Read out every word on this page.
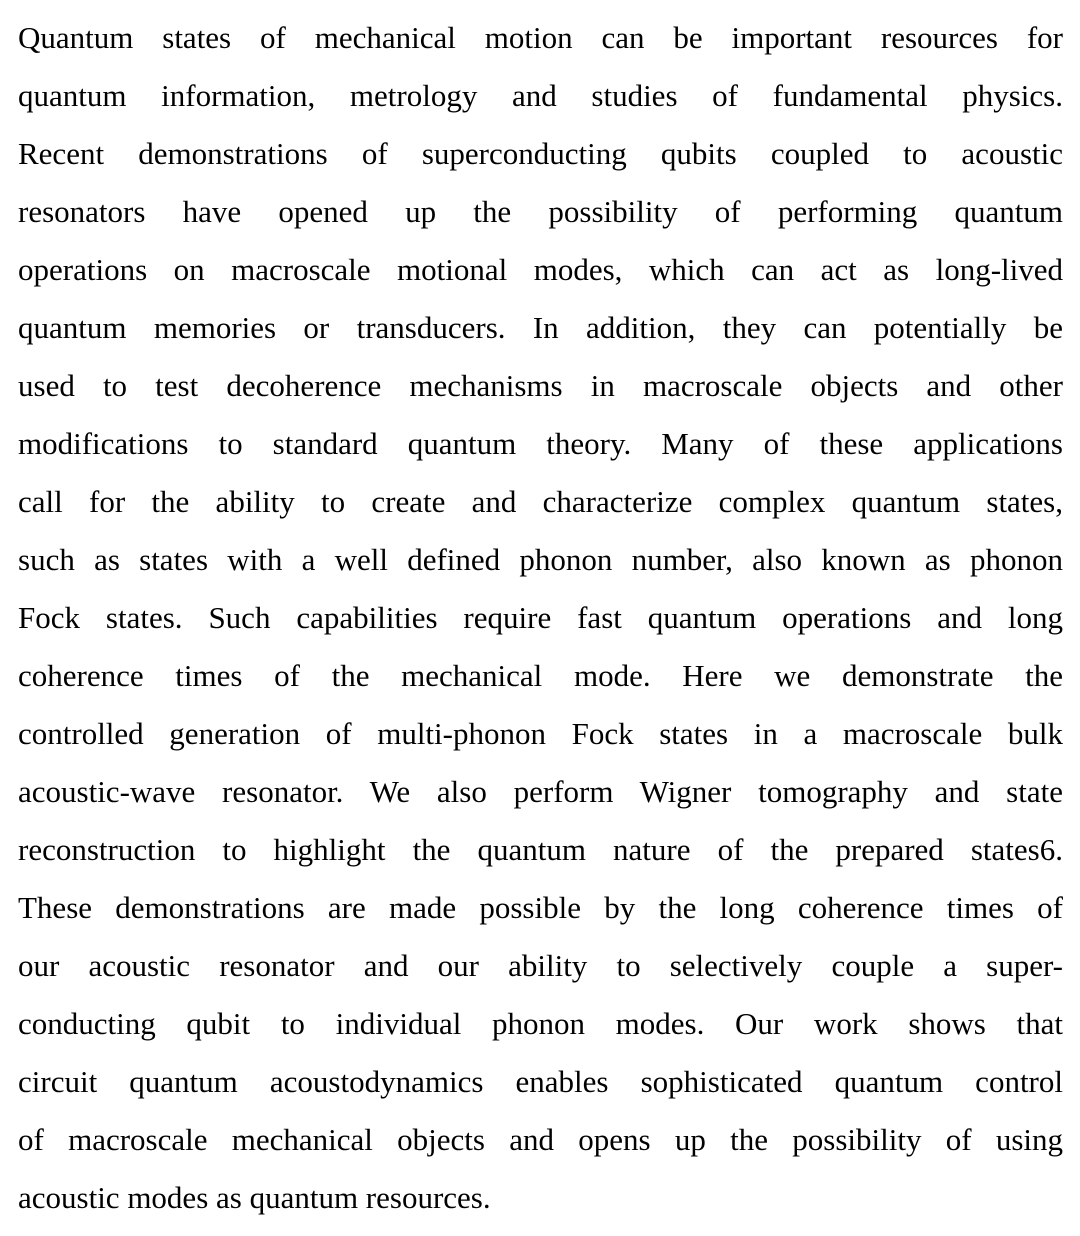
Quantum states of mechanical motion can be important resources for
quantum information, metrology and studies of fundamental physics.
Recent demonstrations of superconducting qubits coupled to acoustic
resonators have opened up the possibility of performing quantum
operations on macroscale motional modes, which can act as long-lived
quantum memories or transducers. In addition, they can potentially be
used to test decoherence mechanisms in macroscale objects and other
modifications to standard quantum theory. Many of these applications
call for the ability to create and characterize complex quantum states,
such as states with a well defined phonon number, also known as phonon
Fock states. Such capabilities require fast quantum operations and long
coherence times of the mechanical mode. Here we demonstrate the
controlled generation of multi-phonon Fock states in a macroscale bulk
acoustic-wave resonator. We also perform Wigner tomography and state
reconstruction to highlight the quantum nature of the prepared states6.
These demonstrations are made possible by the long coherence times of
our acoustic resonator and our ability to selectively couple a super-
conducting qubit to individual phonon modes. Our work shows that
circuit quantum acoustodynamics enables sophisticated quantum control
of macroscale mechanical objects and opens up the possibility of using
acoustic modes as quantum resources.
